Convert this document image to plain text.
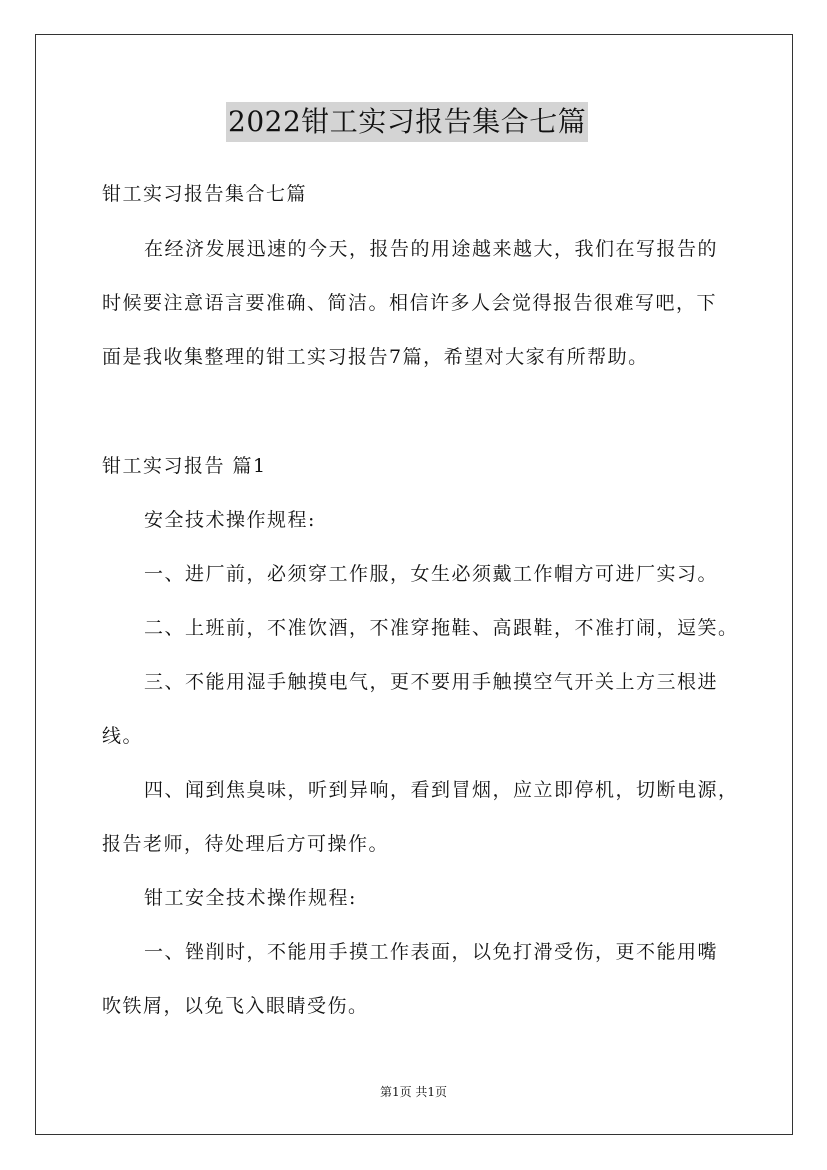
2022钳工实习报告集合七篇
钳工实习报告集合七篇
在经济发展迅速的今天，报告的用途越来越大，我们在写报告的
时候要注意语言要准确、简洁。相信许多人会觉得报告很难写吧，下
面是我收集整理的钳工实习报告7篇，希望对大家有所帮助。
钳工实习报告 篇1
安全技术操作规程:
一、进厂前，必须穿工作服，女生必须戴工作帽方可进厂实习。
二、上班前，不准饮酒，不准穿拖鞋、高跟鞋，不准打闹，逗笑。
三、不能用湿手触摸电气，更不要用手触摸空气开关上方三根进
线。
四、闻到焦臭味，听到异响，看到冒烟，应立即停机，切断电源，
报告老师，待处理后方可操作。
钳工安全技术操作规程:
一、锉削时，不能用手摸工作表面，以免打滑受伤，更不能用嘴
吹铁屑，以免飞入眼睛受伤。
第1页 共1页
